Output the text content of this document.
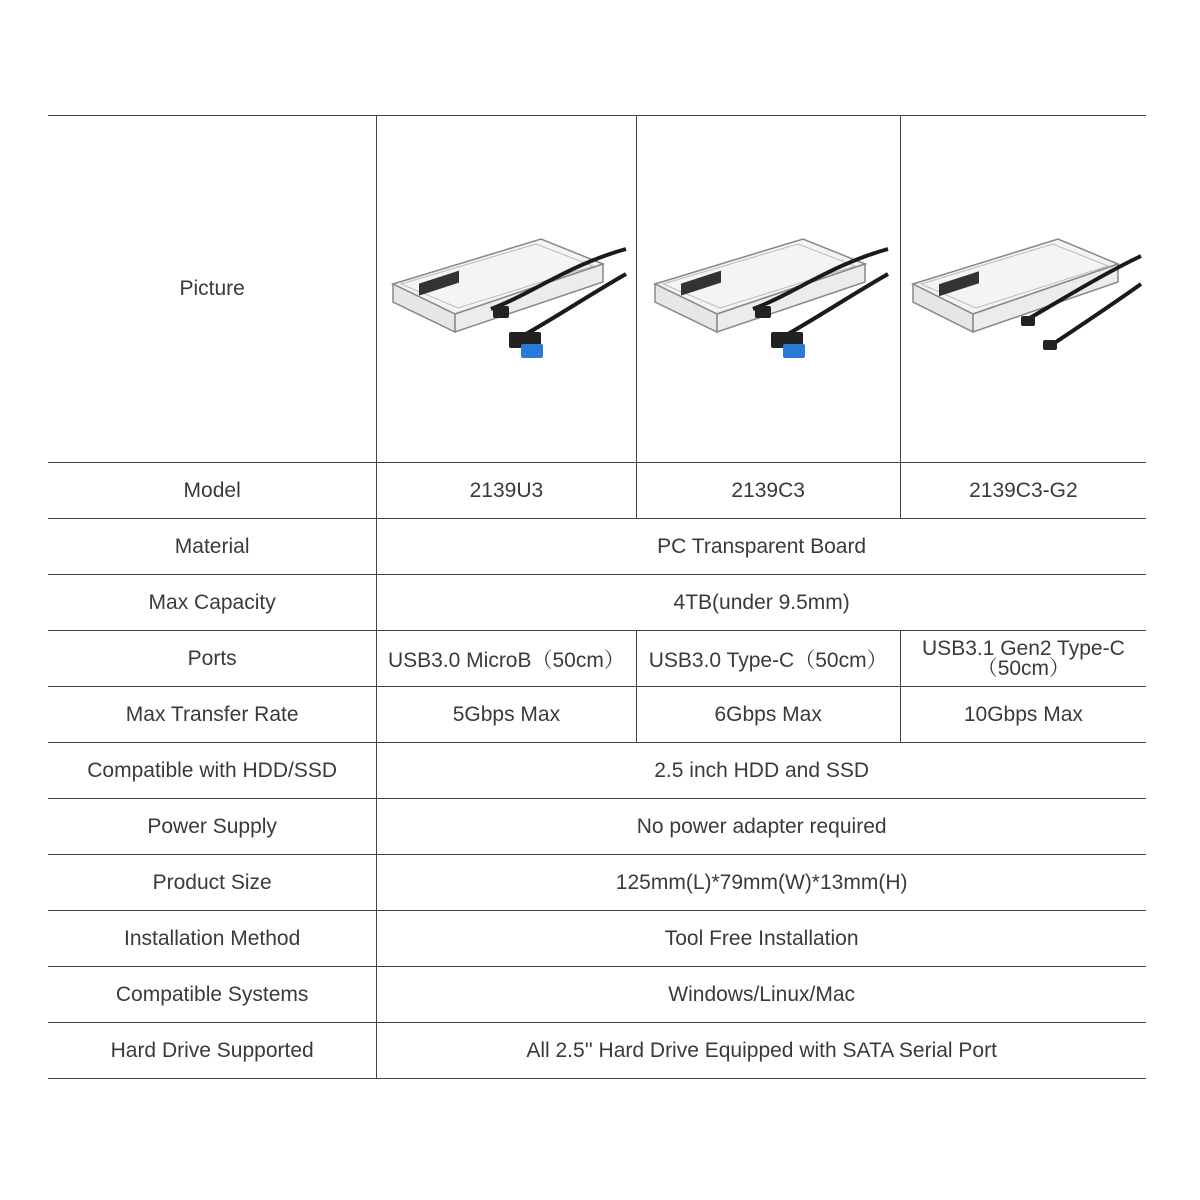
Picture	

Model	2139U3	2139C3	2139C3-G2
Material	PC Transparent Board		
Max Capacity	4TB(under 9.5mm)		
Ports	USB3.0 MicroB（50cm）	USB3.0 Type-C（50cm）	USB3.1 Gen2 Type-C
（50cm）

Max Transfer Rate	5Gbps Max	6Gbps Max	10Gbps Max
Compatible with HDD/SSD	2.5 inch HDD and SSD		
Power Supply	No power adapter required		
Product Size	125mm(L)*79mm(W)*13mm(H)		
Installation Method	Tool Free Installation		
Compatible Systems	Windows/Linux/Mac		
Hard Drive Supported	All 2.5'' Hard Drive Equipped with SATA Serial Port		
